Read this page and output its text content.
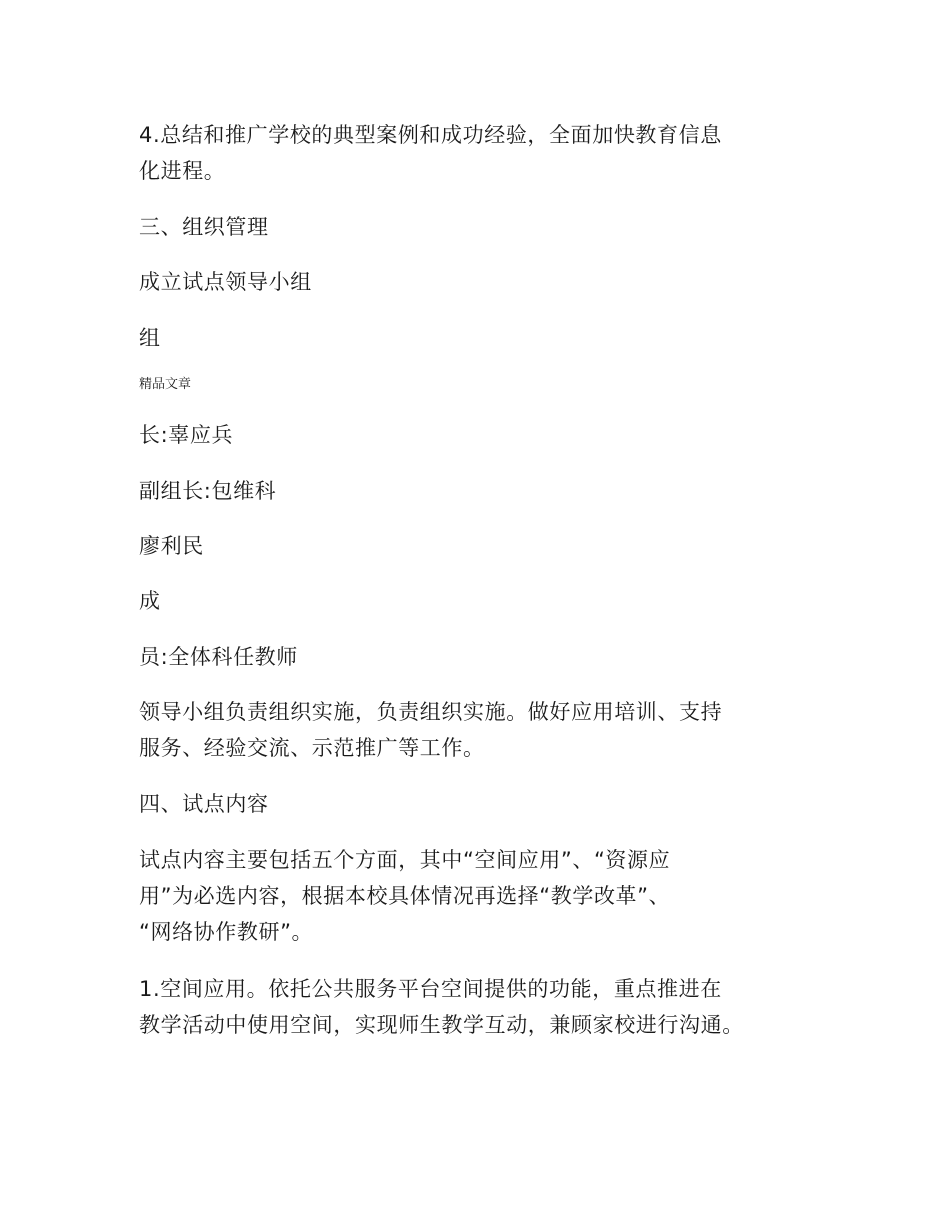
4.总结和推广学校的典型案例和成功经验，全面加快教育信息
化进程。

三、组织管理

成立试点领导小组

组

精品文章

长:辜应兵

副组长:包维科

廖利民

成

员:全体科任教师

领导小组负责组织实施，负责组织实施。做好应用培训、支持
服务、经验交流、示范推广等工作。

四、试点内容

试点内容主要包括五个方面，其中“空间应用”、“资源应
用”为必选内容，根据本校具体情况再选择“教学改革”、
“网络协作教研”。

1.空间应用。依托公共服务平台空间提供的功能，重点推进在
教学活动中使用空间，实现师生教学互动，兼顾家校进行沟通。
